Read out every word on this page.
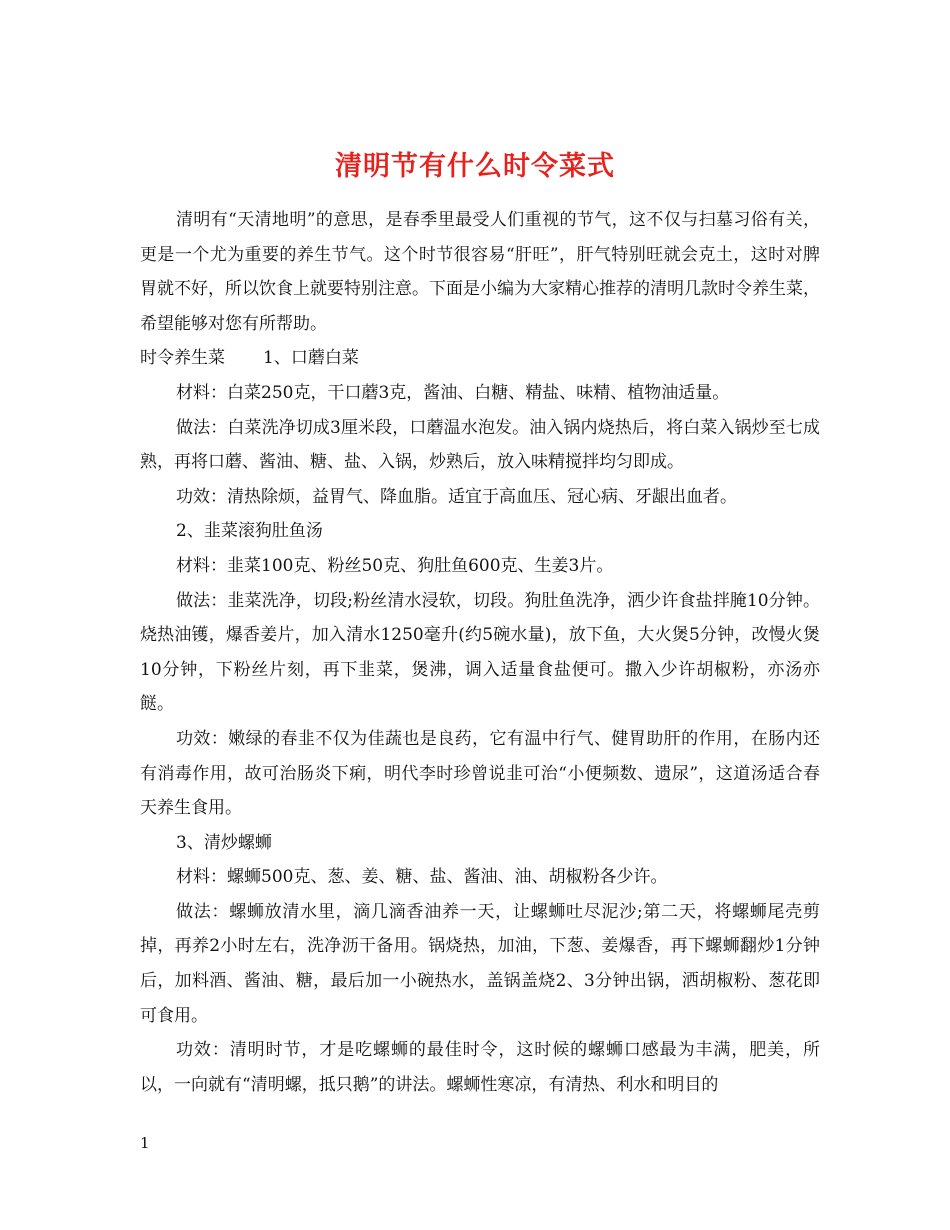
清明节有什么时令菜式

清明有“天清地明”的意思，是春季里最受人们重视的节气，这不仅与扫墓习俗有关，更是一个尤为重要的养生节气。这个时节很容易“肝旺”，肝气特别旺就会克土，这时对脾胃就不好，所以饮食上就要特别注意。下面是小编为大家精心推荐的清明几款时令养生菜，希望能够对您有所帮助。

时令养生菜 1、口蘑白菜

材料：白菜250克，干口蘑3克，酱油、白糖、精盐、味精、植物油适量。

做法：白菜洗净切成3厘米段，口蘑温水泡发。油入锅内烧热后，将白菜入锅炒至七成熟，再将口蘑、酱油、糖、盐、入锅，炒熟后，放入味精搅拌均匀即成。

功效：清热除烦，益胃气、降血脂。适宜于高血压、冠心病、牙龈出血者。

2、韭菜滚狗肚鱼汤

材料：韭菜100克、粉丝50克、狗肚鱼600克、生姜3片。

做法：韭菜洗净，切段;粉丝清水浸软，切段。狗肚鱼洗净，洒少许食盐拌腌10分钟。烧热油镬，爆香姜片，加入清水1250毫升(约5碗水量)，放下鱼，大火煲5分钟，改慢火煲10分钟，下粉丝片刻，再下韭菜，煲沸，调入适量食盐便可。撒入少许胡椒粉，亦汤亦餸。

功效：嫩绿的春韭不仅为佳蔬也是良药，它有温中行气、健胃助肝的作用，在肠内还有消毒作用，故可治肠炎下痢，明代李时珍曾说韭可治“小便频数、遗尿”，这道汤适合春天养生食用。

3、清炒螺蛳

材料：螺蛳500克、葱、姜、糖、盐、酱油、油、胡椒粉各少许。

做法：螺蛳放清水里，滴几滴香油养一天，让螺蛳吐尽泥沙;第二天，将螺蛳尾壳剪掉，再养2小时左右，洗净沥干备用。锅烧热，加油，下葱、姜爆香，再下螺蛳翻炒1分钟后，加料酒、酱油、糖，最后加一小碗热水，盖锅盖烧2、3分钟出锅，洒胡椒粉、葱花即可食用。

功效：清明时节，才是吃螺蛳的最佳时令，这时候的螺蛳口感最为丰满，肥美，所以，一向就有“清明螺，抵只鹅”的讲法。螺蛳性寒凉，有清热、利水和明目的

1
